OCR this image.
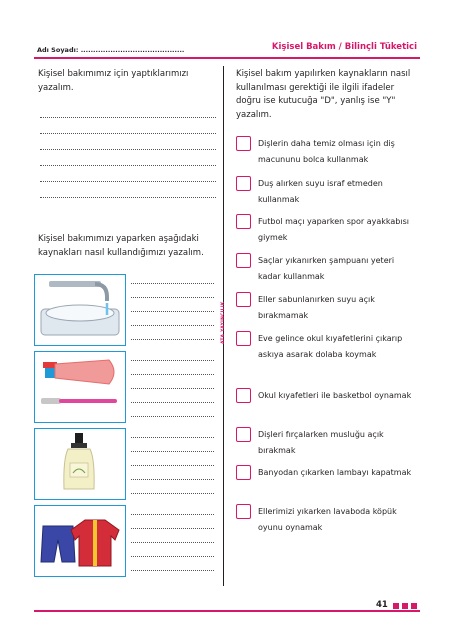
Adı Soyadı: ..........................................	Kişisel Bakım / Bilinçli Tüketici
Kişisel bakımımız için yaptıklarımızı yazalım.
Kişisel bakımımızı yaparken aşağıdaki kaynakları nasıl kullandığımızı yazalım.
ATA YAYINCILIK
Kişisel bakım yapılırken kaynakların nasıl kullanılması gerektiği ile ilgili ifadeler doğru ise kutucuğa "D", yanlış ise "Y" yazalım.
Dişlerin daha temiz olması için diş macununu bolca kullanmak
Duş alırken suyu israf etmeden kullanmak
Futbol maçı yaparken spor ayakkabısı giymek
Saçlar yıkanırken şampuanı yeteri kadar kullanmak
Eller sabunlanırken suyu açık bırakmamak
Eve gelince okul kıyafetlerini çıkarıp askıya asarak dolaba koymak
Okul kıyafetleri ile basketbol oynamak
Dişleri fırçalarken musluğu açık bırakmak
Banyodan çıkarken lambayı kapatmak
Ellerimizi yıkarken lavaboda köpük oyunu oynamak
41
